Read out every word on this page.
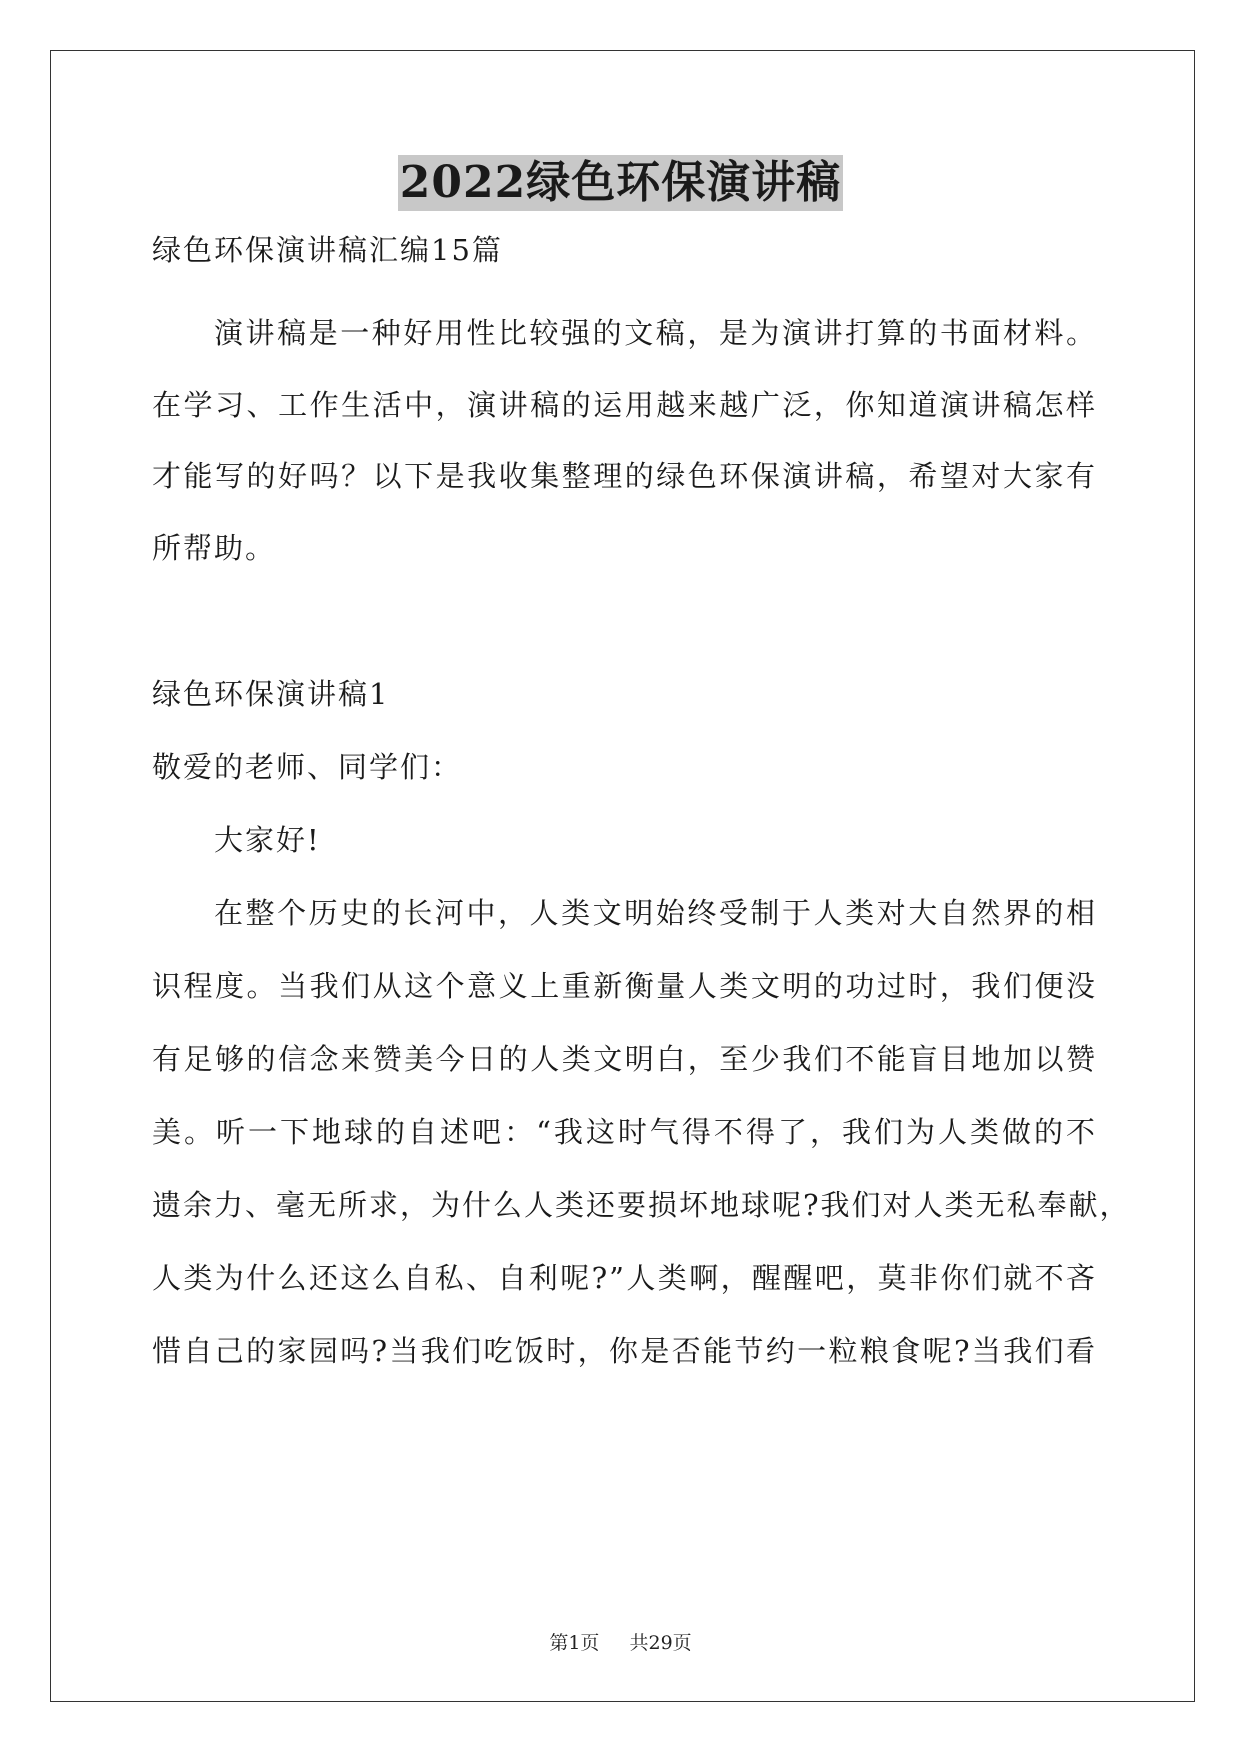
2022绿色环保演讲稿
绿色环保演讲稿汇编15篇
演讲稿是一种好用性比较强的文稿，是为演讲打算的书面材料。
在学习、工作生活中，演讲稿的运用越来越广泛，你知道演讲稿怎样
才能写的好吗？以下是我收集整理的绿色环保演讲稿，希望对大家有
所帮助。
绿色环保演讲稿1
敬爱的老师、同学们：
大家好!
在整个历史的长河中，人类文明始终受制于人类对大自然界的相
识程度。当我们从这个意义上重新衡量人类文明的功过时，我们便没
有足够的信念来赞美今日的人类文明白，至少我们不能盲目地加以赞
美。听一下地球的自述吧：“我这时气得不得了，我们为人类做的不
遗余力、毫无所求，为什么人类还要损坏地球呢?我们对人类无私奉献，
人类为什么还这么自私、自利呢?”人类啊，醒醒吧，莫非你们就不吝
惜自己的家园吗?当我们吃饭时，你是否能节约一粒粮食呢?当我们看
第1页 共29页
